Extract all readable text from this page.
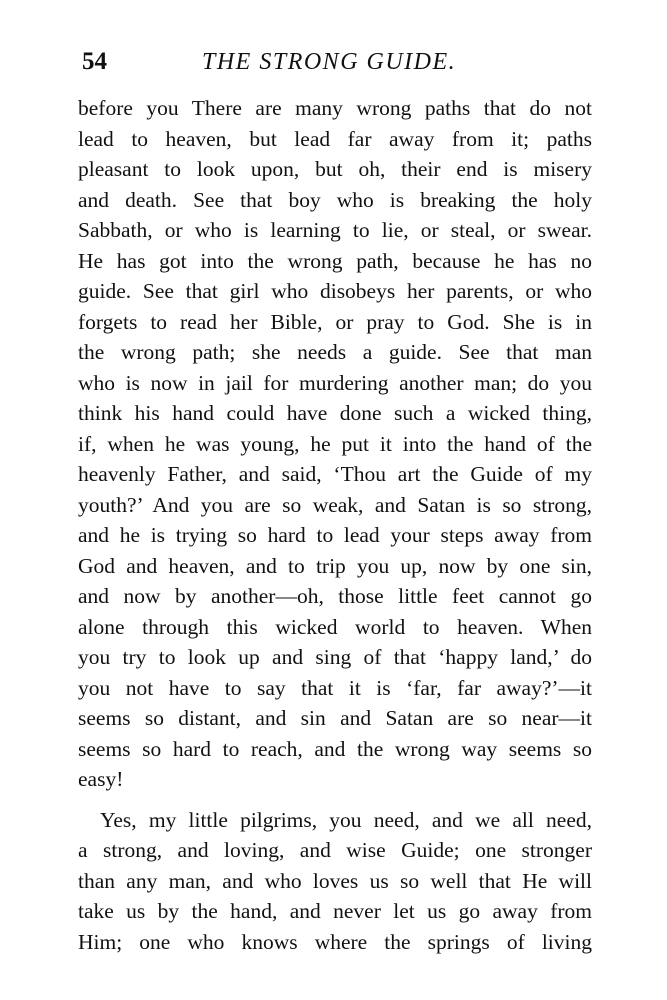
54	THE STRONG GUIDE.
before you There are many wrong paths that do not
lead to heaven, but lead far away from it; paths
pleasant to look upon, but oh, their end is misery
and death. See that boy who is breaking the holy
Sabbath, or who is learning to lie, or steal, or swear.
He has got into the wrong path, because he has no
guide. See that girl who disobeys her parents, or who
forgets to read her Bible, or pray to God. She is in
the wrong path; she needs a guide. See that man
who is now in jail for murdering another man; do you
think his hand could have done such a wicked thing,
if, when he was young, he put it into the hand of the
heavenly Father, and said, ‘Thou art the Guide of my
youth?’ And you are so weak, and Satan is so strong,
and he is trying so hard to lead your steps away from
God and heaven, and to trip you up, now by one sin,
and now by another—oh, those little feet cannot go
alone through this wicked world to heaven. When
you try to look up and sing of that ‘happy land,’ do
you not have to say that it is ‘far, far away?’—it
seems so distant, and sin and Satan are so near—it
seems so hard to reach, and the wrong way seems so
easy!
Yes, my little pilgrims, you need, and we all need,
a strong, and loving, and wise Guide; one stronger
than any man, and who loves us so well that He will
take us by the hand, and never let us go away from
Him; one who knows where the springs of living
